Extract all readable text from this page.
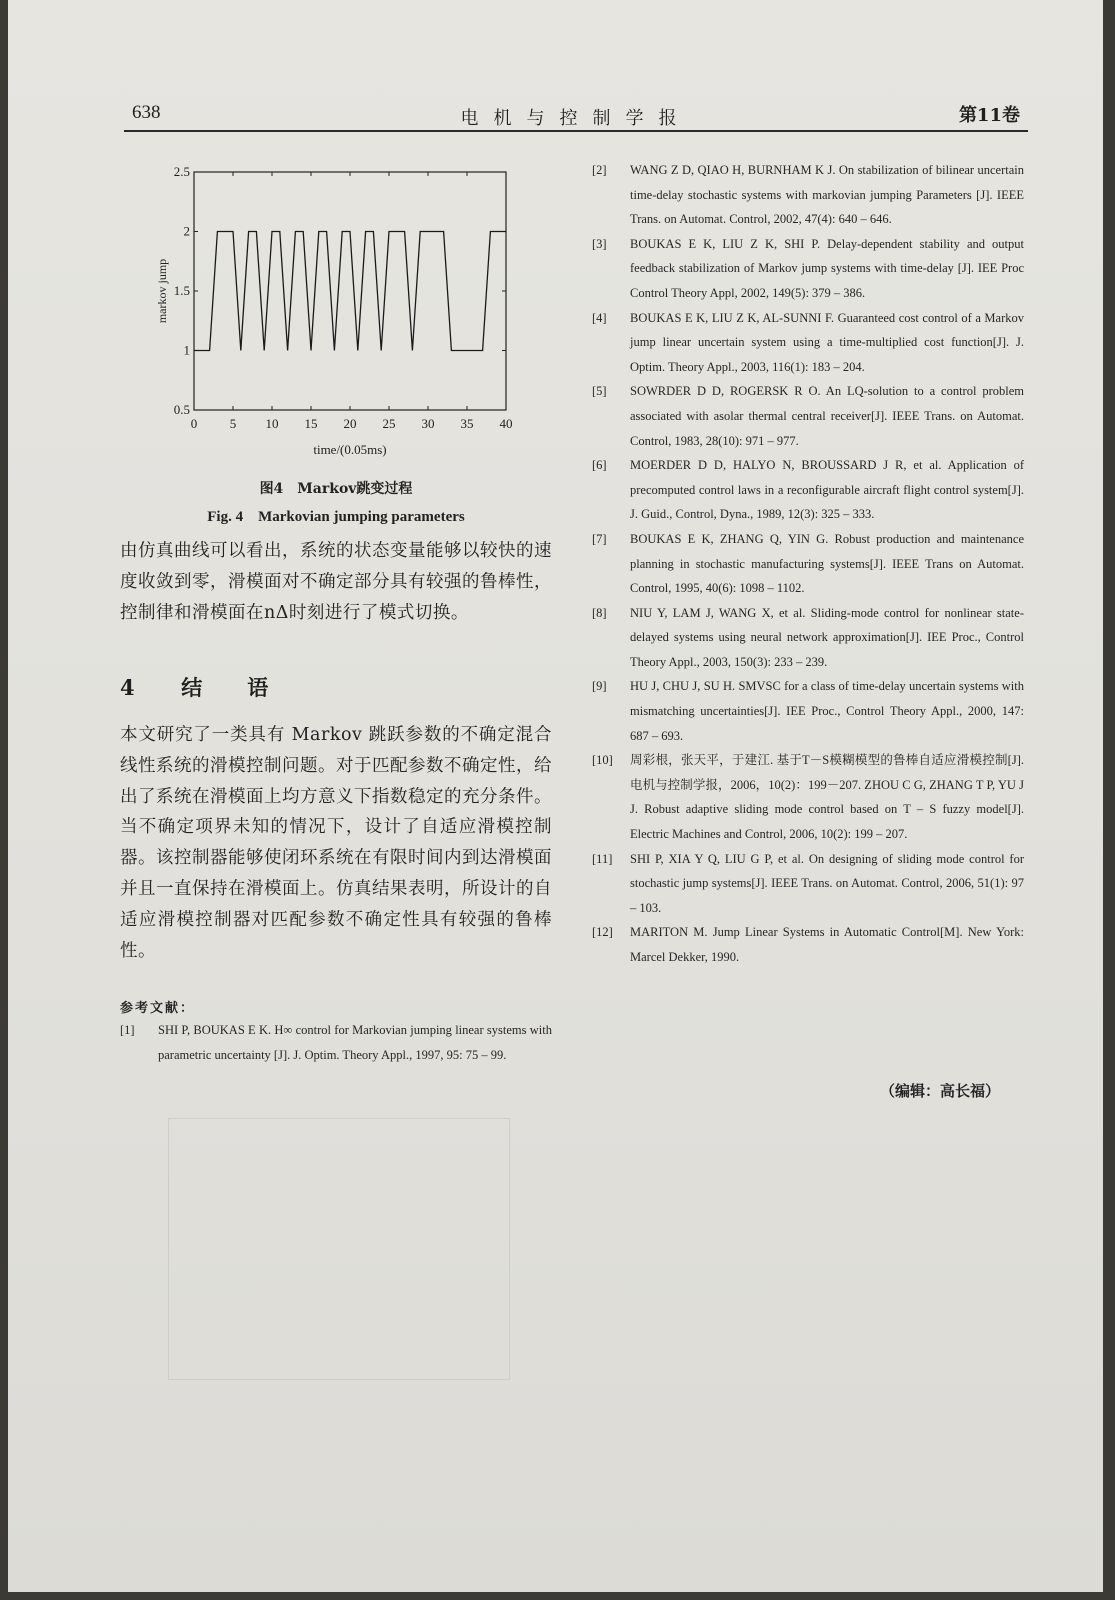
638	电机与控制学报	第11卷
0	5 10 15 20 25 30 35 40
0.5
1
1.5
2
2.5
time/(0.05ms)
markov jump
图4　Markov跳变过程
Fig. 4　Markovian jumping parameters
由仿真曲线可以看出，系统的状态变量能够以较快的速度收敛到零，滑模面对不确定部分具有较强的鲁棒性，控制律和滑模面在nΔ时刻进行了模式切换。
4 结　语
本文研究了一类具有 Markov 跳跃参数的不确定混合线性系统的滑模控制问题。对于匹配参数不确定性，给出了系统在滑模面上均方意义下指数稳定的充分条件。当不确定项界未知的情况下，设计了自适应滑模控制器。该控制器能够使闭环系统在有限时间内到达滑模面并且一直保持在滑模面上。仿真结果表明，所设计的自适应滑模控制器对匹配参数不确定性具有较强的鲁棒性。
参考文献：
[1] SHI P, BOUKAS E K. H∞ control for Markovian jumping linear systems with parametric uncertainty [J]. J. Optim. Theory Appl., 1997, 95: 75 – 99.
[2] WANG Z D, QIAO H, BURNHAM K J. On stabilization of bilinear uncertain time-delay stochastic systems with markovian jumping Parameters [J]. IEEE Trans. on Automat. Control, 2002, 47(4): 640 – 646.
[3] BOUKAS E K, LIU Z K, SHI P. Delay-dependent stability and output feedback stabilization of Markov jump systems with time-delay [J]. IEE Proc Control Theory Appl, 2002, 149(5): 379 – 386.
[4] BOUKAS E K, LIU Z K, AL-SUNNI F. Guaranteed cost control of a Markov jump linear uncertain system using a time-multiplied cost function[J]. J. Optim. Theory Appl., 2003, 116(1): 183 – 204.
[5] SOWRDER D D, ROGERSK R O. An LQ-solution to a control problem associated with asolar thermal central receiver[J]. IEEE Trans. on Automat. Control, 1983, 28(10): 971 – 977.
[6] MOERDER D D, HALYO N, BROUSSARD J R, et al. Application of precomputed control laws in a reconfigurable aircraft flight control system[J]. J. Guid., Control, Dyna., 1989, 12(3): 325 – 333.
[7] BOUKAS E K, ZHANG Q, YIN G. Robust production and maintenance planning in stochastic manufacturing systems[J]. IEEE Trans on Automat. Control, 1995, 40(6): 1098 – 1102.
[8] NIU Y, LAM J, WANG X, et al. Sliding-mode control for nonlinear state-delayed systems using neural network approximation[J]. IEE Proc., Control Theory Appl., 2003, 150(3): 233 – 239.
[9] HU J, CHU J, SU H. SMVSC for a class of time-delay uncertain systems with mismatching uncertainties[J]. IEE Proc., Control Theory Appl., 2000, 147: 687 – 693.
[10] 周彩根，张天平，于建江. 基于T－S模糊模型的鲁棒自适应滑模控制[J]. 电机与控制学报，2006，10(2)：199－207. ZHOU C G, ZHANG T P, YU J J. Robust adaptive sliding mode control based on T – S fuzzy model[J]. Electric Machines and Control, 2006, 10(2): 199 – 207.
[11] SHI P, XIA Y Q, LIU G P, et al. On designing of sliding mode control for stochastic jump systems[J]. IEEE Trans. on Automat. Control, 2006, 51(1): 97 – 103.
[12] MARITON M. Jump Linear Systems in Automatic Control[M]. New York: Marcel Dekker, 1990.
（编辑：高长福）
